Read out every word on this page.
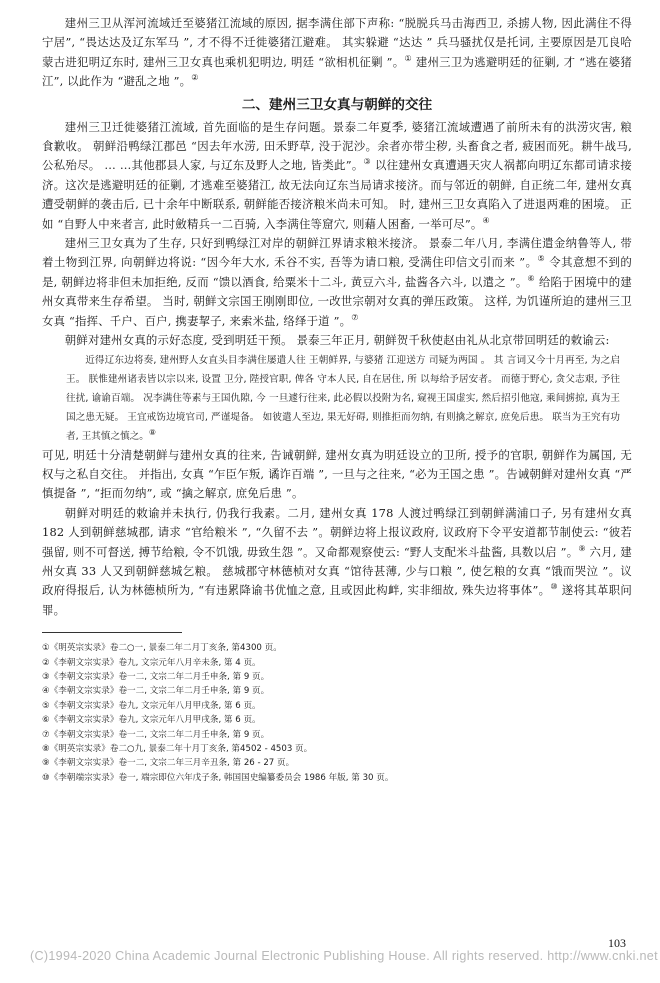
建州三卫从浑河流域迁至婆猪江流域的原因, 据李满住部下声称: “脱脱兵马击海西卫, 杀掳人物, 因此满住不得宁居”, “畏达达及辽东军马 ”, 才不得不迁徙婆猪江避难。 其实躲避 “达达 ” 兵马骚扰仅是托词, 主要原因是兀良哈蒙古进犯明辽东时, 建州三卫女真也乘机犯明边, 明廷 “欲相机征剿 ”。① 建州三卫为逃避明廷的征剿, 才 “逃在婆猪江”, 以此作为 “避乱之地 ”。②

二、建州三卫女真与朝鲜的交往

建州三卫迁徙婆猪江流域, 首先面临的是生存问题。景泰二年夏季, 婆猪江流域遭遇了前所未有的洪涝灾害, 粮食歉收。 朝鲜沿鸭绿江郡邑 “因去年水涝, 田禾野草, 没于泥沙。余者亦带尘秽, 头畜食之者, 疲困而死。耕牛战马, 公私殆尽。 … …其他郡县人家, 与辽东及野人之地, 皆类此”。③ 以往建州女真遭遇天灾人祸都向明辽东都司请求接济。这次是逃避明廷的征剿, 才逃难至婆猪江, 故无法向辽东当局请求接济。而与邻近的朝鲜, 自正统二年, 建州女真遭受朝鲜的袭击后, 已十余年中断联系, 朝鲜能否接济粮米尚未可知。 时, 建州三卫女真陷入了进退两难的困境。 正如 “自野人中来者言, 此时斂精兵一二百骑, 入李满住等窟穴, 则藉人困畜, 一举可尽”。④

建州三卫女真为了生存, 只好到鸭绿江对岸的朝鲜江界请求粮米接济。 景泰二年八月, 李满住遣金纳鲁等人, 带着土物到江界, 向朝鲜边将说: “因今年大水, 禾谷不实, 吾等为请口粮, 受满住印信文引而来 ”。⑤ 令其意想不到的是, 朝鲜边将非但未加拒绝, 反而 “馈以酒食, 给粟米十二斗, 黄豆六斗, 盐酱各六斗, 以遣之 ”。⑥ 给陷于困境中的建州女真带来生存希望。 当时, 朝鲜文宗国王刚刚即位, 一改世宗朝对女真的弹压政策。 这样, 为饥谨所迫的建州三卫女真 “指挥、千户、百户, 携妻挈子, 来索米盐, 络绎于道 ”。⑦

朝鲜对建州女真的示好态度, 受到明廷干预。 景泰三年正月, 朝鲜贺千秋使赵由礼从北京带回明廷的敕谕云:

近得辽东边将奏, 建州野人女直头目李满住屡遣人往 王朝鲜界, 与婆猪 江迎送方 司疑为两国 。 其 言词又今十月再至, 为之启王。 朕惟建州诸表皆以宗以来, 设置 卫分, 陛授官职, 俾各 守本人民, 自在居住, 所 以每给予居安者。 而德于野心, 贪父志艰, 予往往扰, 谕谕百端。 况李满住等素与王国仇隙, 今 一旦遽行往来, 此必假以投附为名, 窥视王国虚实, 然后招引他寇, 乘间掳掠, 真为王国之患无疑。 王宜戒饬边境官司, 严谨堤备。 如彼遣人至边, 果无好碍, 则推拒而勿纳, 有则擒之解京, 庶免后患。 联当为王究有功者, 王其慎之慎之。⑧

可见, 明廷十分清楚朝鲜与建州女真的往来, 告诫朝鲜, 建州女真为明廷设立的卫所, 授予的官职, 朝鲜作为属国, 无权与之私自交往。 并指出, 女真 “乍臣乍叛, 谲诈百端 ”, 一旦与之往来, “必为王国之患 ”。告诫朝鲜对建州女真 “严慎提备 ”, “拒而勿纳”, 或 “擒之解京, 庶免后患 ”。

朝鲜对明廷的敕谕并未执行, 仍我行我素。二月, 建州女真 178 人渡过鸭绿江到朝鲜满浦口子, 另有建州女真 182 人到朝鲜慈城郡, 请求 “官给粮米 ”, “久留不去 ”。朝鲜边将上报议政府, 议政府下令平安道都节制使云: “彼若强留, 则不可督送, 搏节给粮, 令不饥饿, 毋致生怨 ”。又命都观察使云: “野人支配米斗盐酱, 具数以启 ”。⑨ 六月, 建州女真 33 人又到朝鲜慈城乞粮。 慈城郡守林德桢对女真 “馆待甚薄, 少与口粮 ”, 使乞粮的女真 “饿而哭泣 ”。议政府得报后, 认为林德桢所为, “有违累降谕书优恤之意, 且或因此构衅, 实非细故, 殊失边将事体”。⑩ 遂将其革职问罪。

①《明英宗实录》卷二○一, 景泰二年二月丁亥条, 第4300 页。

②《李朝文宗实录》卷九, 文宗元年八月辛未条, 第 4 页。

③《李朝文宗实录》卷一二, 文宗二年二月壬申条, 第 9 页。

④《李朝文宗实录》卷一二, 文宗二年二月壬申条, 第 9 页。

⑤《李朝文宗实录》卷九, 文宗元年八月甲戌条, 第 6 页。

⑥《李朝文宗实录》卷九, 文宗元年八月甲戌条, 第 6 页。

⑦《李朝文宗实录》卷一二, 文宗二年二月壬申条, 第 9 页。

⑧《明英宗实录》卷二○九, 景泰二年十月丁亥条, 第4502 - 4503 页。

⑨《李朝文宗实录》卷一二, 文宗二年三月辛丑条, 第 26 - 27 页。

⑩《李朝端宗实录》卷一, 端宗即位六年戊子条, 韩国国史编纂委员会 1986 年版, 第 30 页。

103
(C)1994-2020 China Academic Journal Electronic Publishing House. All rights reserved. http://www.cnki.net
